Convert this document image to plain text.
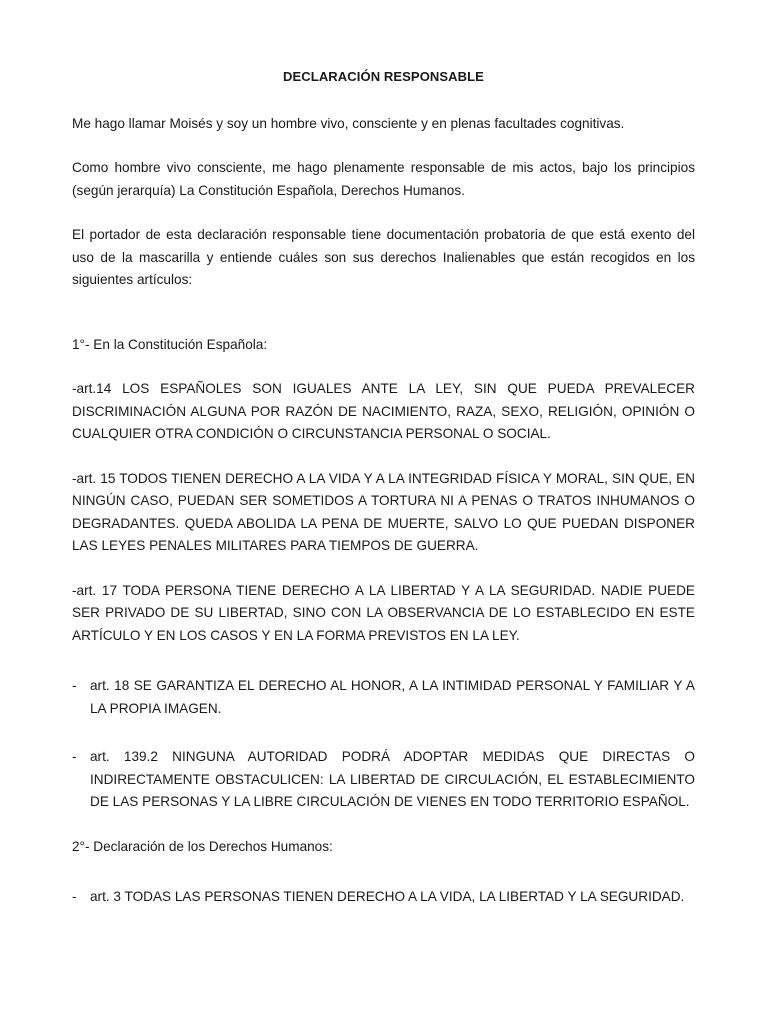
DECLARACIÓN RESPONSABLE

Me hago llamar Moisés y soy un hombre vivo, consciente y en plenas facultades cognitivas.

Como hombre vivo consciente, me hago plenamente responsable de mis actos, bajo los principios (según jerarquía) La Constitución Española, Derechos Humanos.

El portador de esta declaración responsable tiene documentación probatoria de que está exento del uso de la mascarilla y entiende cuáles son sus derechos Inalienables que están recogidos en los siguientes artículos:

1°- En la Constitución Española:

-art.14 LOS ESPAÑOLES SON IGUALES ANTE LA LEY, SIN QUE PUEDA PREVALECER DISCRIMINACIÓN ALGUNA POR RAZÓN DE NACIMIENTO, RAZA, SEXO, RELIGIÓN, OPINIÓN O CUALQUIER OTRA CONDICIÓN O CIRCUNSTANCIA PERSONAL O SOCIAL.

-art. 15 TODOS TIENEN DERECHO A LA VIDA Y A LA INTEGRIDAD FÍSICA Y MORAL, SIN QUE, EN NINGÚN CASO, PUEDAN SER SOMETIDOS A TORTURA NI A PENAS O TRATOS INHUMANOS O DEGRADANTES. QUEDA ABOLIDA LA PENA DE MUERTE, SALVO LO QUE PUEDAN DISPONER LAS LEYES PENALES MILITARES PARA TIEMPOS DE GUERRA.

-art. 17 TODA PERSONA TIENE DERECHO A LA LIBERTAD Y A LA SEGURIDAD. NADIE PUEDE SER PRIVADO DE SU LIBERTAD, SINO CON LA OBSERVANCIA DE LO ESTABLECIDO EN ESTE ARTÍCULO Y EN LOS CASOS Y EN LA FORMA PREVISTOS EN LA LEY.

- art. 18 SE GARANTIZA EL DERECHO AL HONOR, A LA INTIMIDAD PERSONAL Y FAMILIAR Y A LA PROPIA IMAGEN.
- art. 139.2 NINGUNA AUTORIDAD PODRÁ ADOPTAR MEDIDAS QUE DIRECTAS O INDIRECTAMENTE OBSTACULICEN: LA LIBERTAD DE CIRCULACIÓN, EL ESTABLECIMIENTO DE LAS PERSONAS Y LA LIBRE CIRCULACIÓN DE VIENES EN TODO TERRITORIO ESPAÑOL.
2°- Declaración de los Derechos Humanos:
- art. 3 TODAS LAS PERSONAS TIENEN DERECHO A LA VIDA, LA LIBERTAD Y LA SEGURIDAD.
